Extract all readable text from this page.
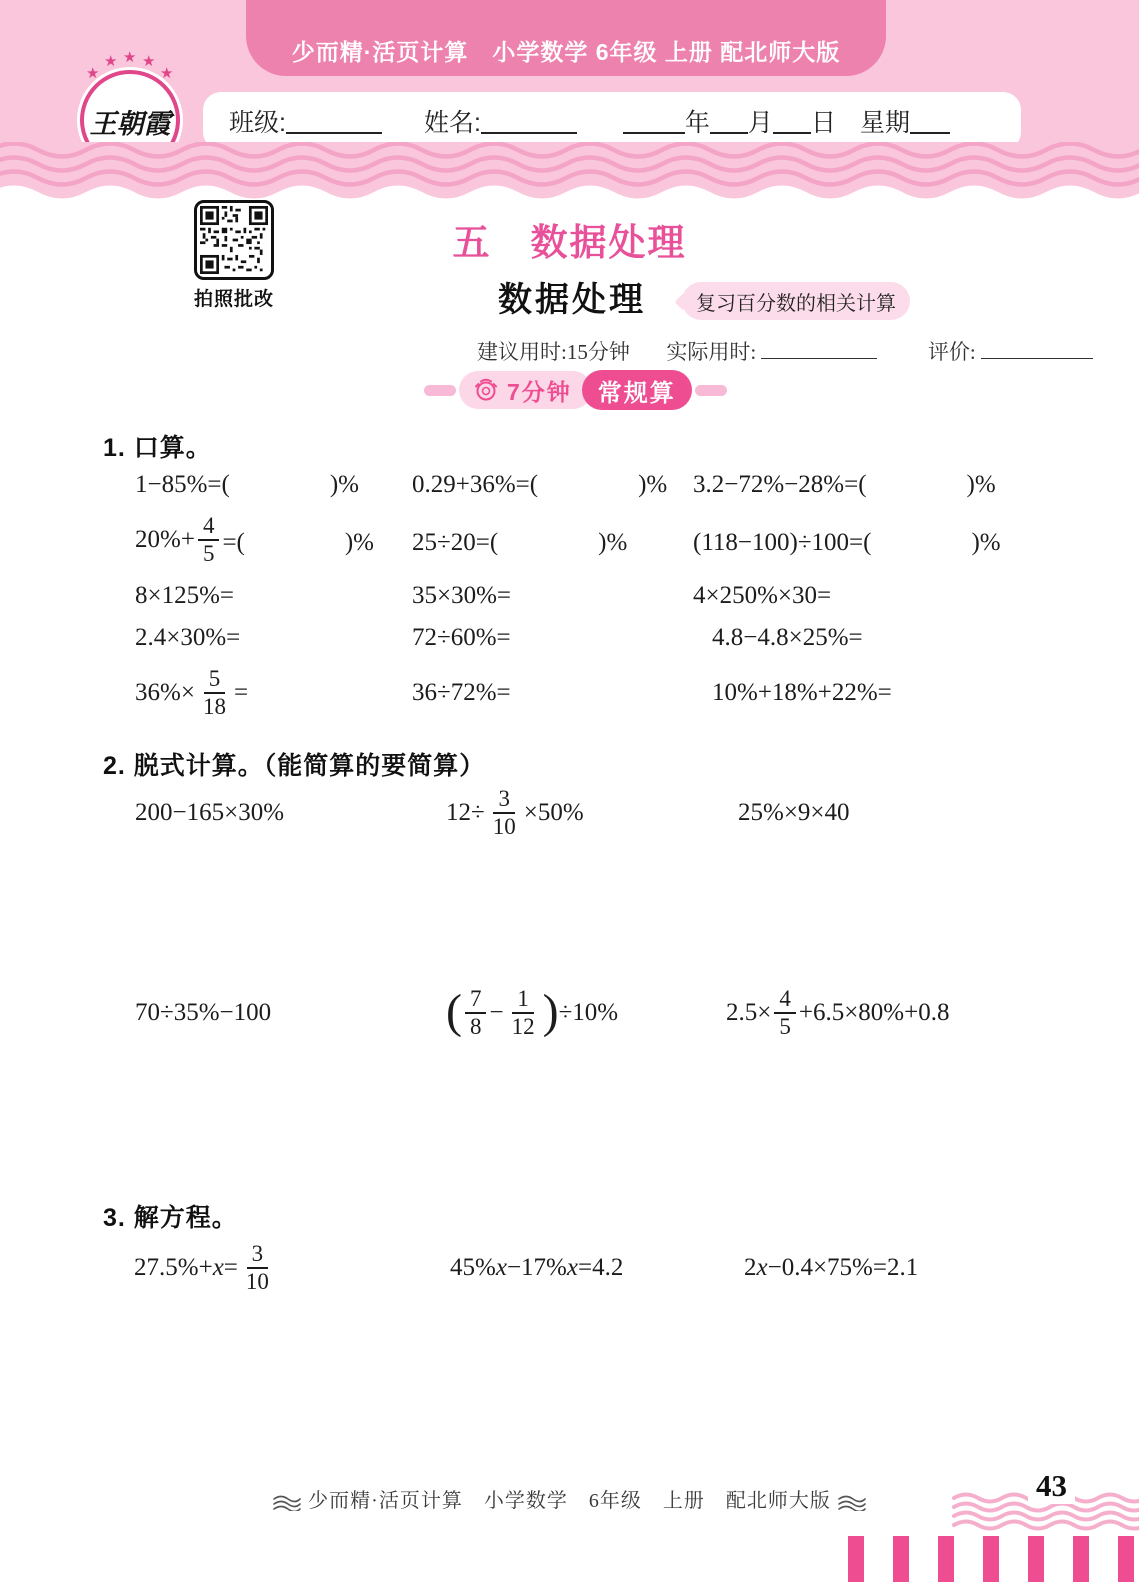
少而精·活页计算　小学数学 6年级 上册 配北师大版
★
★ ★ ★
★
王朝霞	班级:	姓名:	年 月 日 星期
拍照批改
五　数据处理
数据处理	复习百分数的相关计算
建议用时:15分钟 实际用时:	评价:
7分钟	常规算
1. 口算。
1−85%=(　　　　)% 0.29+36%=(　　　　)% 3.2−72%−28%=(　　　　)%
$20\%+ \frac{4}{5}$ =(　　　　)% 25÷20=(　　　　)%	(118−100)÷100=(　　　　)%
8×125%=	35×30%=	4×250%×30=
2.4×30%=	72÷60%=	4.8−4.8×25%=
$36\%\times \frac{5}{18}$ =	36÷72%=	10%+18%+22%=
2. 脱式计算。（能简算的要简算）
200−165×30%	$12\div \frac{3}{10} \times 50\%$	25%×9×40
70÷35%−100	( $\frac{7}{8} - \frac{1}{12}$ ) ÷10%	$2.5\times \frac{4}{5} +6.5\times 80\%+0.8$
3. 解方程。
$27.5\%+ x = \frac{3}{10}$	45% x −17% x =4.2	2 x −0.4×75%=2.1
少而精·活页计算　小学数学　6年级　上册　配北师大版	43
